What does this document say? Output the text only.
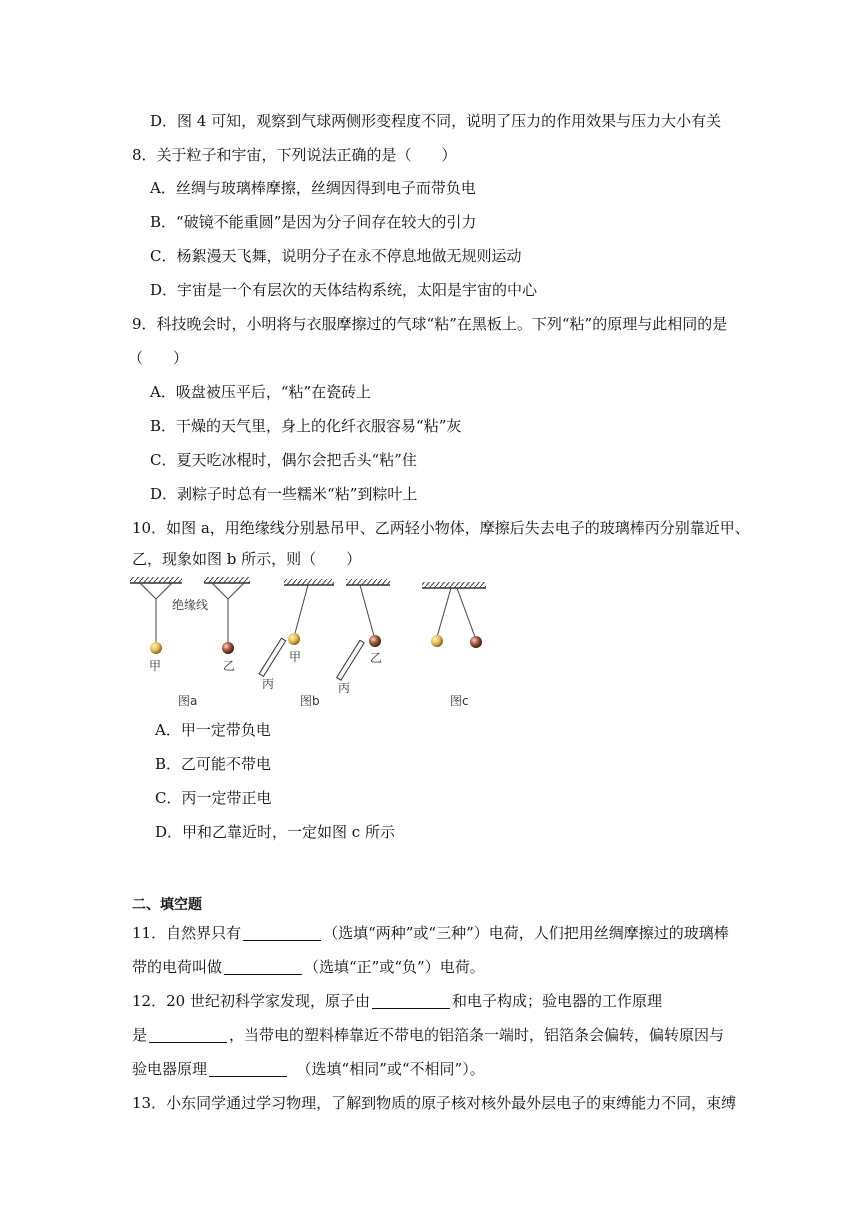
D．图 4 可知，观察到气球两侧形变程度不同，说明了压力的作用效果与压力大小有关
8．关于粒子和宇宙，下列说法正确的是（　　）
A．丝绸与玻璃棒摩擦，丝绸因得到电子而带负电
B．“破镜不能重圆”是因为分子间存在较大的引力
C．杨絮漫天飞舞，说明分子在永不停息地做无规则运动
D．宇宙是一个有层次的天体结构系统，太阳是宇宙的中心
9．科技晚会时，小明将与衣服摩擦过的气球“粘”在黑板上。下列“粘”的原理与此相同的是
（　　）
A．吸盘被压平后，“粘”在瓷砖上
B．干燥的天气里，身上的化纤衣服容易“粘”灰
C．夏天吃冰棍时，偶尔会把舌头“粘”住
D．剥粽子时总有一些糯米“粘”到粽叶上
10．如图 a，用绝缘线分别悬吊甲、乙两轻小物体，摩擦后失去电子的玻璃棒丙分别靠近甲、
乙，现象如图 b 所示，则（　　）
绝缘线
甲	乙
图a
甲
丙
乙
丙
图b	图c
A．甲一定带负电
B．乙可能不带电
C．丙一定带正电
D．甲和乙靠近时，一定如图 c 所示
二、填空题
11．自然界只有	（选填“两种”或“三种”）电荷，人们把用丝绸摩擦过的玻璃棒
带的电荷叫做	（选填“正”或“负”）电荷。
12．20 世纪初科学家发现，原子由	和电子构成；验电器的工作原理
是	，当带电的塑料棒靠近不带电的铝箔条一端时，铝箔条会偏转，偏转原因与
验电器原理　	（选填“相同”或“不相同”）。
13．小东同学通过学习物理，了解到物质的原子核对核外最外层电子的束缚能力不同，束缚
